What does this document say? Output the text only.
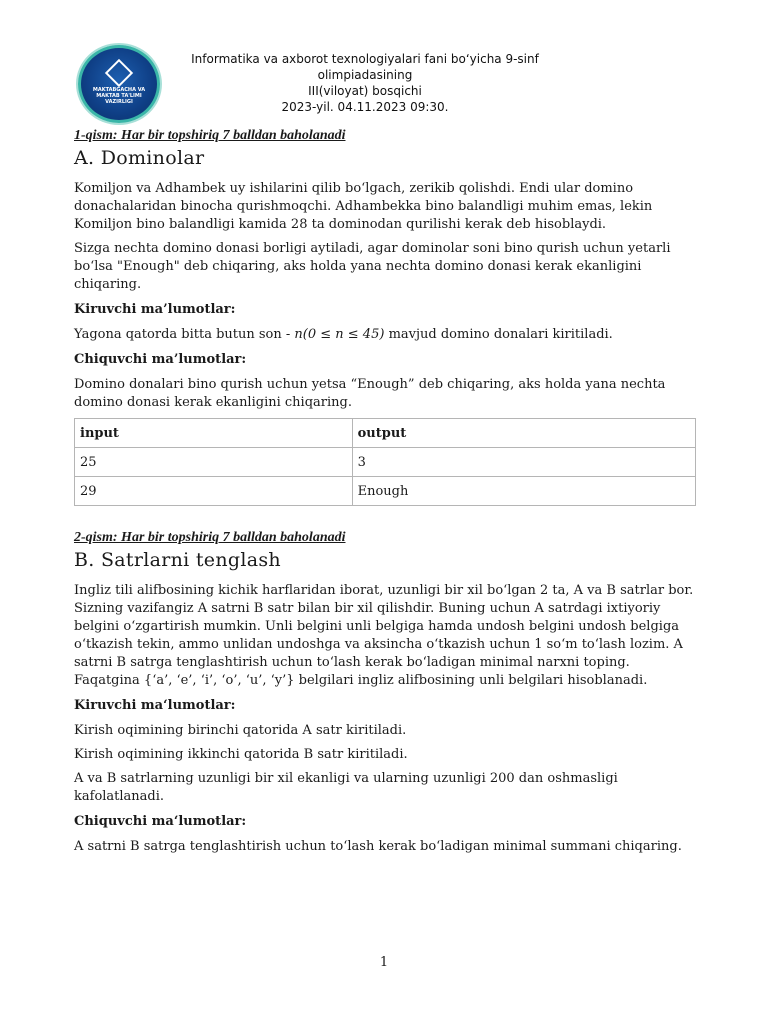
MAKTABGACHA VA MAKTAB TA'LIMI VAZIRLIGI
Informatika va axborot texnologiyalari fani bo‘yicha 9-sinf olimpiadasining
III(viloyat) bosqichi
2023-yil. 04.11.2023 09:30.
1-qism: Har bir topshiriq 7 balldan baholanadi
A. Dominolar

Komiljon va Adhambek uy ishilarini qilib bo‘lgach, zerikib qolishdi. Endi ular domino donachalaridan binocha qurishmoqchi. Adhambekka bino balandligi muhim emas, lekin Komiljon bino balandligi kamida 28 ta dominodan qurilishi kerak deb hisoblaydi.

Sizga nechta domino donasi borligi aytiladi, agar dominolar soni bino qurish uchun yetarli bo‘lsa "Enough" deb chiqaring, aks holda yana nechta domino donasi kerak ekanligini chiqaring.

Kiruvchi ma’lumotlar:

Yagona qatorda bitta butun son - n(0 ≤ n ≤ 45) mavjud domino donalari kiritiladi.

Chiquvchi ma’lumotlar:

Domino donalari bino qurish uchun yetsa “Enough” deb chiqaring, aks holda yana nechta domino donasi kerak ekanligini chiqaring.

input	output
25	3
29	Enough
2-qism: Har bir topshiriq 7 balldan baholanadi
B. Satrlarni tenglash

Ingliz tili alifbosining kichik harflaridan iborat, uzunligi bir xil bo‘lgan 2 ta, A va B satrlar bor. Sizning vazifangiz A satrni B satr bilan bir xil qilishdir. Buning uchun A satrdagi ixtiyoriy belgini o‘zgartirish mumkin. Unli belgini unli belgiga hamda undosh belgini undosh belgiga o‘tkazish tekin, ammo unlidan undoshga va aksincha o‘tkazish uchun 1 so‘m to‘lash lozim. A satrni B satrga tenglashtirish uchun to‘lash kerak bo‘ladigan minimal narxni toping. Faqatgina {‘a’, ‘e’, ‘i’, ‘o’, ‘u’, ‘y’} belgilari ingliz alifbosining unli belgilari hisoblanadi.

Kiruvchi ma‘lumotlar:

Kirish oqimining birinchi qatorida A satr kiritiladi.

Kirish oqimining ikkinchi qatorida B satr kiritiladi.

A va B satrlarning uzunligi bir xil ekanligi va ularning uzunligi 200 dan oshmasligi kafolatlanadi.

Chiquvchi ma‘lumotlar:

A satrni B satrga tenglashtirish uchun to‘lash kerak bo‘ladigan minimal summani chiqaring.

1
